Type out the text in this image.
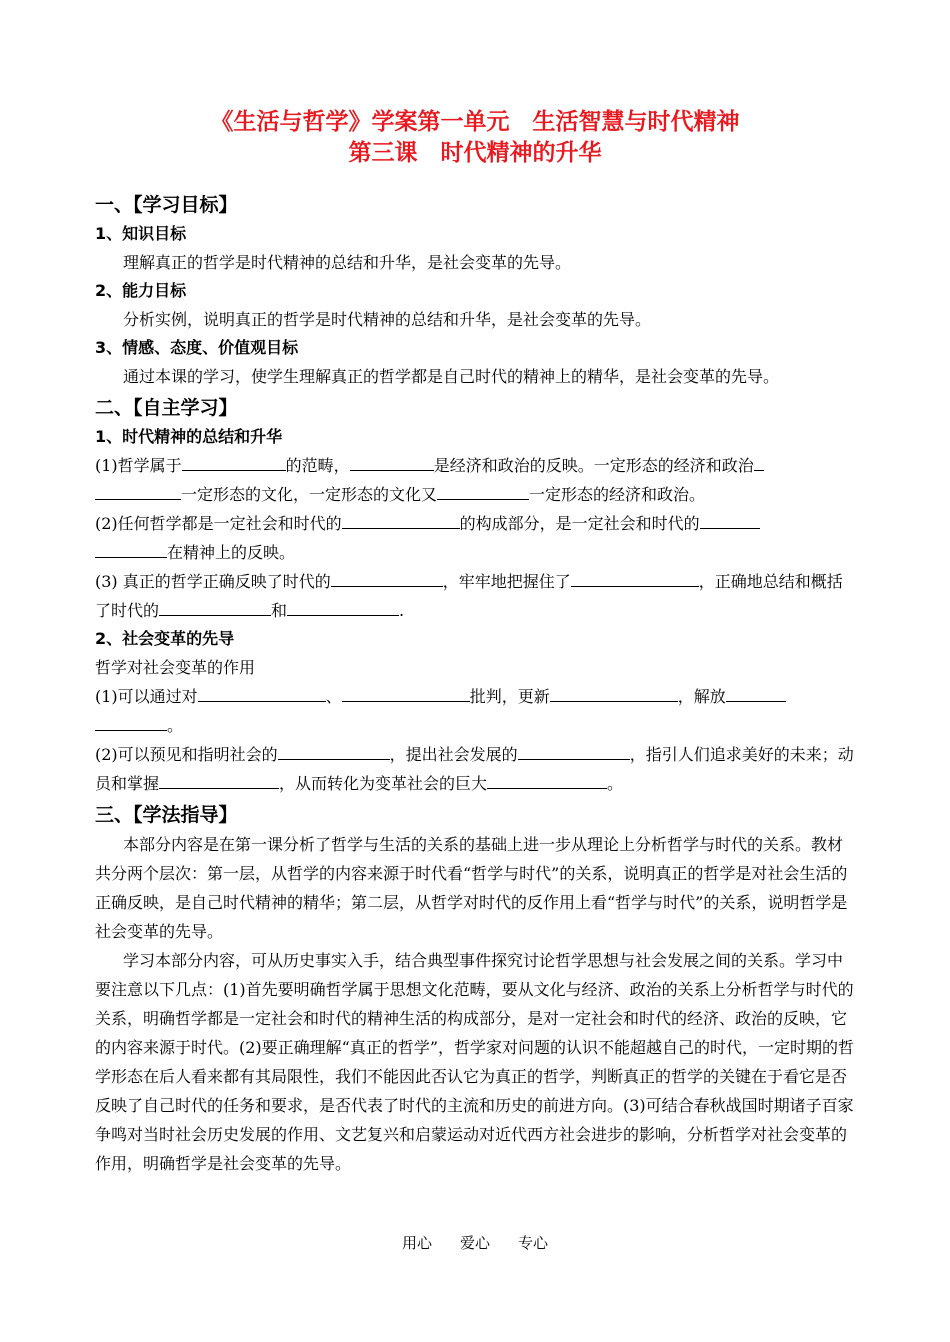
《生活与哲学》学案第一单元　生活智慧与时代精神
第三课　时代精神的升华
一、【学习目标】
1、知识目标
理解真正的哲学是时代精神的总结和升华，是社会变革的先导。
2、能力目标
分析实例，说明真正的哲学是时代精神的总结和升华，是社会变革的先导。
3、情感、态度、价值观目标
通过本课的学习，使学生理解真正的哲学都是自己时代的精神上的精华，是社会变革的先导。
二、【自主学习】
1、时代精神的总结和升华
(1)哲学属于	的范畴，	是经济和政治的反映。一定形态的经济和政治
一定形态的文化，一定形态的文化又	一定形态的经济和政治。
(2)任何哲学都是一定社会和时代的	的构成部分，是一定社会和时代的
在精神上的反映。
(3) 真正的哲学正确反映了时代的	，牢牢地把握住了	，正确地总结和概括了时代的	和	.
2、社会变革的先导
哲学对社会变革的作用
(1)可以通过对	、	批判，更新	，解放
。
(2)可以预见和指明社会的	，提出社会发展的	，指引人们追求美好的未来；动员和掌握	，从而转化为变革社会的巨大	。
三、【学法指导】
本部分内容是在第一课分析了哲学与生活的关系的基础上进一步从理论上分析哲学与时代的关系。教材共分两个层次：第一层，从哲学的内容来源于时代看“哲学与时代”的关系，说明真正的哲学是对社会生活的正确反映，是自己时代精神的精华；第二层，从哲学对时代的反作用上看“哲学与时代”的关系，说明哲学是社会变革的先导。
学习本部分内容，可从历史事实入手，结合典型事件探究讨论哲学思想与社会发展之间的关系。学习中要注意以下几点：(1)首先要明确哲学属于思想文化范畴，要从文化与经济、政治的关系上分析哲学与时代的关系，明确哲学都是一定社会和时代的精神生活的构成部分，是对一定社会和时代的经济、政治的反映，它的内容来源于时代。(2)要正确理解“真正的哲学”，哲学家对问题的认识不能超越自己的时代，一定时期的哲学形态在后人看来都有其局限性，我们不能因此否认它为真正的哲学，判断真正的哲学的关键在于看它是否反映了自己时代的任务和要求，是否代表了时代的主流和历史的前进方向。(3)可结合春秋战国时期诸子百家争鸣对当时社会历史发展的作用、文艺复兴和启蒙运动对近代西方社会进步的影响，分析哲学对社会变革的作用，明确哲学是社会变革的先导。
用心 爱心 专心
